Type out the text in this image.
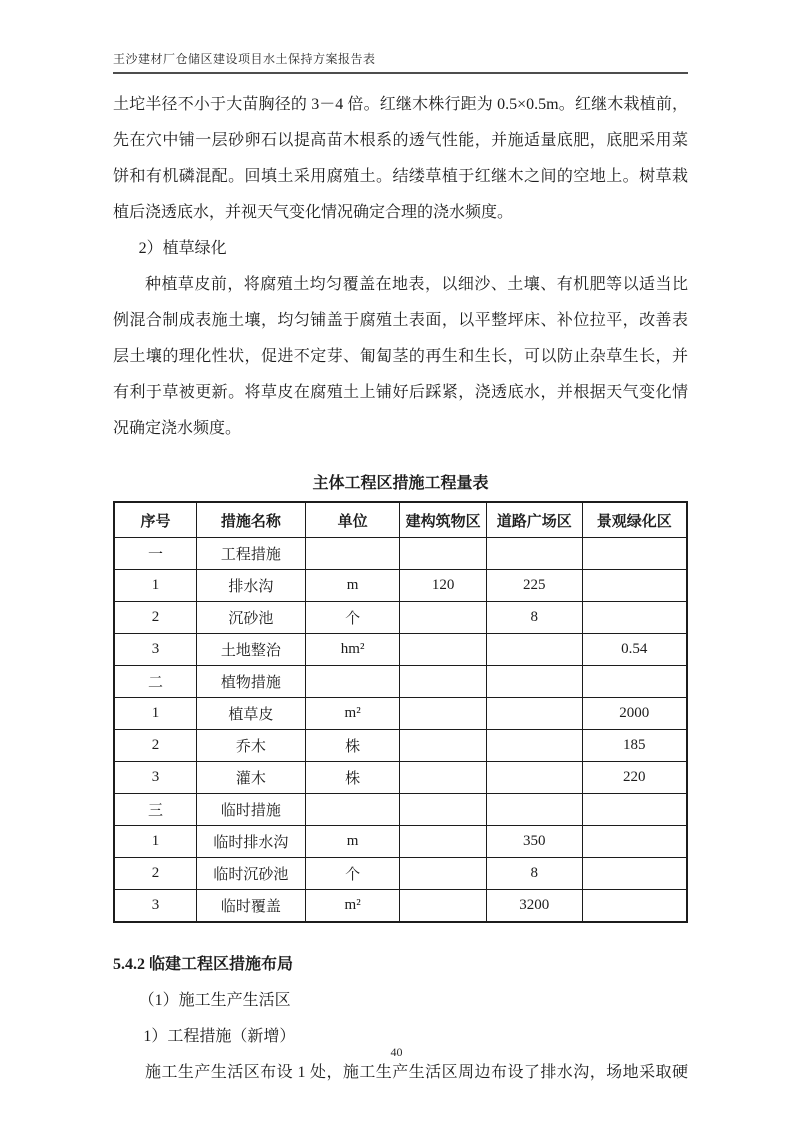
王沙建材厂仓储区建设项目水土保持方案报告表

土坨半径不小于大苗胸径的 3－4 倍。红继木株行距为 0.5×0.5m。红继木栽植前，先在穴中铺一层砂卵石以提高苗木根系的透气性能，并施适量底肥，底肥采用菜饼和有机磷混配。回填土采用腐殖土。结缕草植于红继木之间的空地上。树草栽植后浇透底水，并视天气变化情况确定合理的浇水频度。

2）植草绿化

种植草皮前，将腐殖土均匀覆盖在地表，以细沙、土壤、有机肥等以适当比例混合制成表施土壤，均匀铺盖于腐殖土表面，以平整坪床、补位拉平，改善表层土壤的理化性状，促进不定芽、匍匐茎的再生和生长，可以防止杂草生长，并有利于草被更新。将草皮在腐殖土上铺好后踩紧，浇透底水，并根据天气变化情况确定浇水频度。

主体工程区措施工程量表
序号	措施名称	单位	建构筑物区	道路广场区	景观绿化区
一	工程措施				
1	排水沟	m	120	225	
2	沉砂池	个		8	
3	土地整治	hm²			0.54
二	植物措施				
1	植草皮	m²			2000
2	乔木	株			185
3	灌木	株			220
三	临时措施				
1	临时排水沟	m		350	
2	临时沉砂池	个		8	
3	临时覆盖	m²		3200	

5.4.2 临建工程区措施布局

（1）施工生产生活区

1）工程措施（新增）

施工生产生活区布设 1 处，施工生产生活区周边布设了排水沟，场地采取硬

40
